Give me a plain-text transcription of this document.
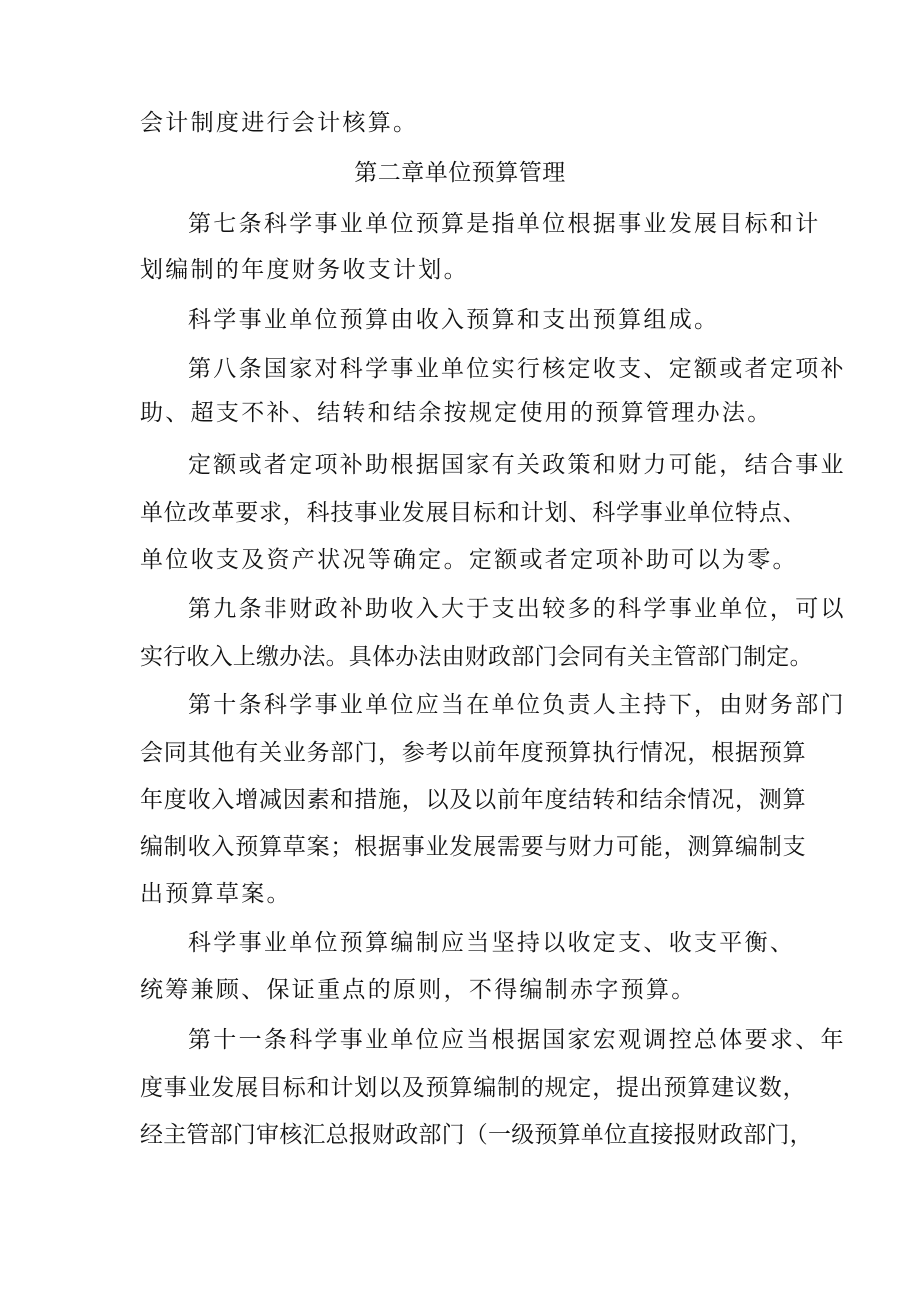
会计制度进行会计核算。
第二章单位预算管理
第七条科学事业单位预算是指单位根据事业发展目标和计
划编制的年度财务收支计划。
科学事业单位预算由收入预算和支出预算组成。
第八条国家对科学事业单位实行核定收支、定额或者定项补
助、超支不补、结转和结余按规定使用的预算管理办法。
定额或者定项补助根据国家有关政策和财力可能，结合事业
单位改革要求，科技事业发展目标和计划、科学事业单位特点、
单位收支及资产状况等确定。定额或者定项补助可以为零。
第九条非财政补助收入大于支出较多的科学事业单位，可以
实行收入上缴办法。具体办法由财政部门会同有关主管部门制定。
第十条科学事业单位应当在单位负责人主持下，由财务部门
会同其他有关业务部门，参考以前年度预算执行情况，根据预算
年度收入增减因素和措施，以及以前年度结转和结余情况，测算
编制收入预算草案；根据事业发展需要与财力可能，测算编制支
出预算草案。
科学事业单位预算编制应当坚持以收定支、收支平衡、
统筹兼顾、保证重点的原则，不得编制赤字预算。
第十一条科学事业单位应当根据国家宏观调控总体要求、年
度事业发展目标和计划以及预算编制的规定，提出预算建议数，
经主管部门审核汇总报财政部门（一级预算单位直接报财政部门，
